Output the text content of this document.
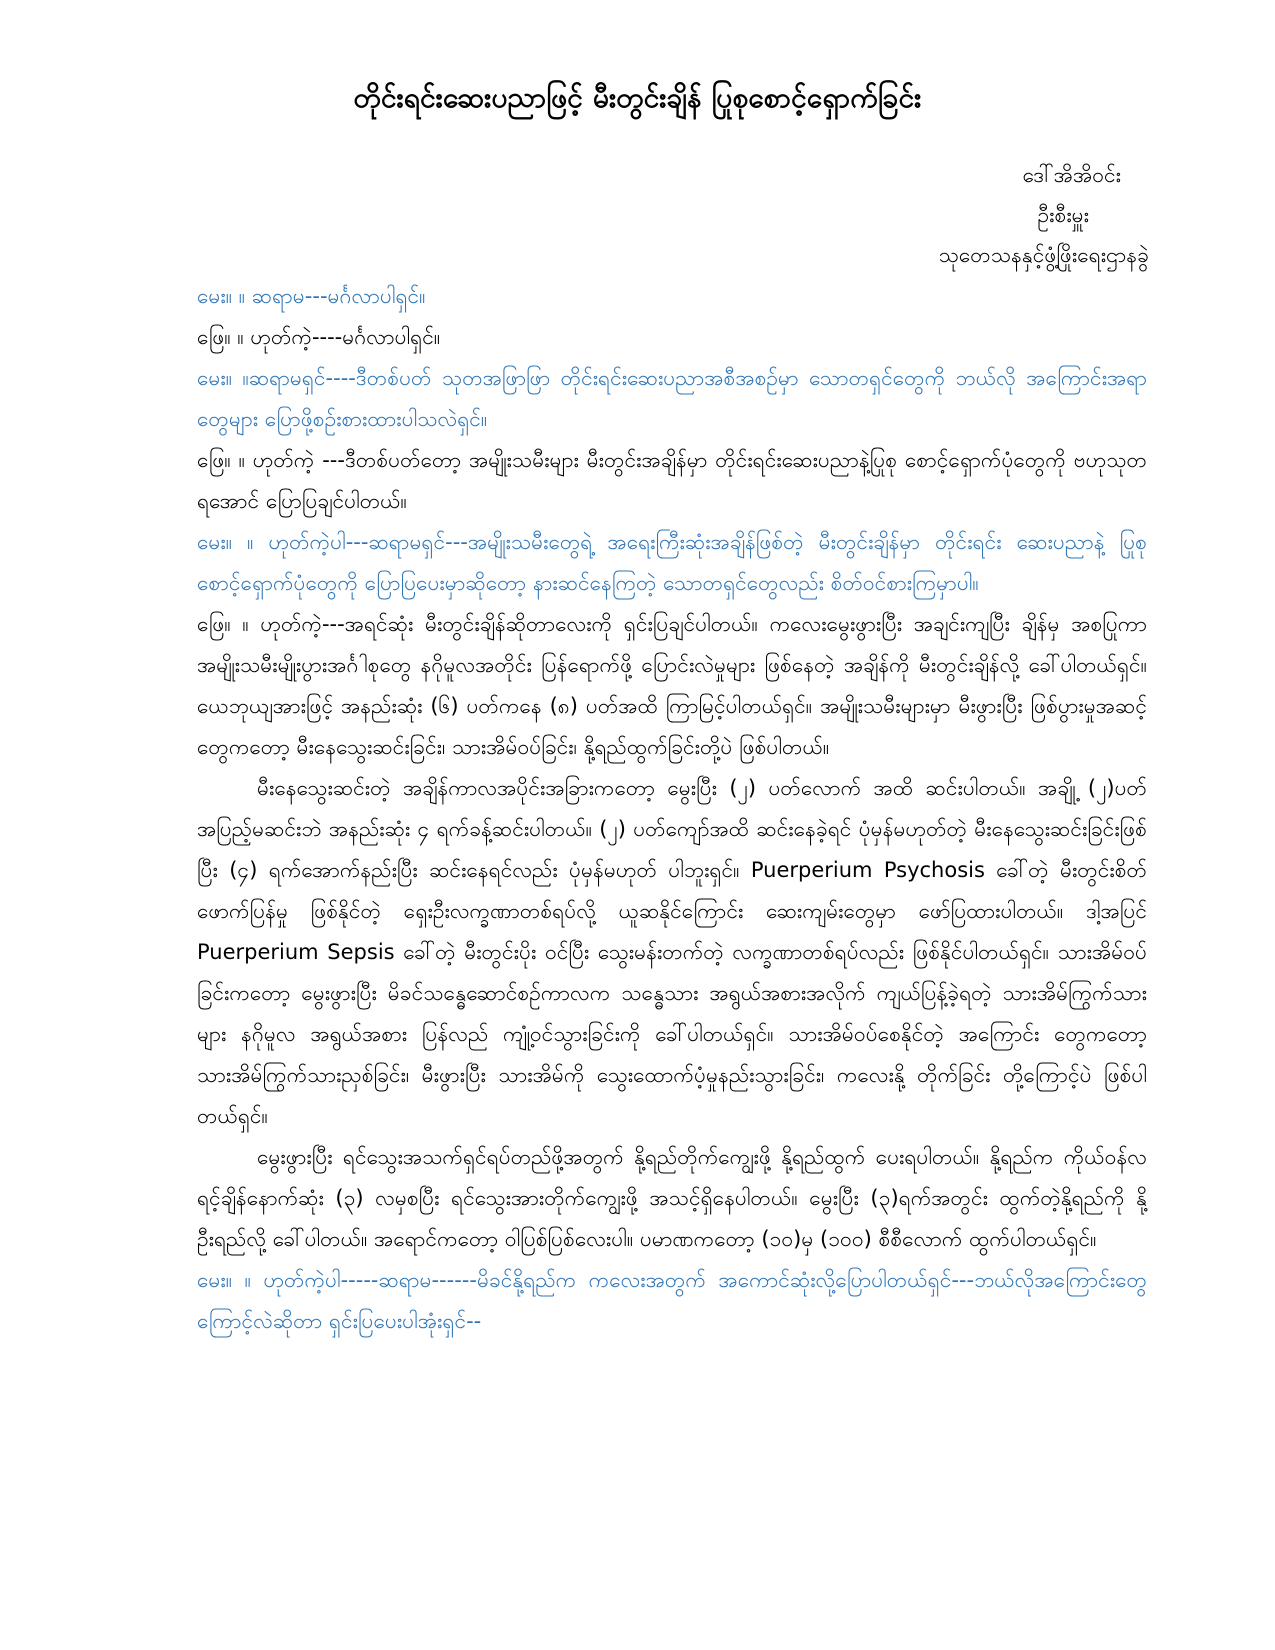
တိုင်းရင်းဆေးပညာဖြင့် မီးတွင်းချိန် ပြုစုစောင့်ရှောက်ခြင်း
ဒေါ်အိအိဝင်း
ဦးစီးမှူး
သုတေသနနှင့်ဖွံ့ဖြိုးရေးဌာနခွဲ

မေး။ ။ ဆရာမ---မင်္ဂလာပါရှင်။

ဖြေ။ ။ ဟုတ်ကဲ့----မင်္ဂလာပါရှင်။

မေး။ ။ဆရာမရှင်----ဒီတစ်ပတ် သုတအဖြာဖြာ တိုင်းရင်းဆေးပညာအစီအစဉ်မှာ သောတရှင်တွေကို ဘယ်လို အကြောင်းအရာတွေများ ပြောဖို့စဉ်းစားထားပါသလဲရှင်။

ဖြေ။ ။ ဟုတ်ကဲ့ ---ဒီတစ်ပတ်တော့ အမျိုးသမီးများ မီးတွင်းအချိန်မှာ တိုင်းရင်းဆေးပညာနဲ့ပြုစု စောင့်ရှောက်ပုံတွေကို ဗဟုသုတရအောင် ပြောပြချင်ပါတယ်။

မေး။ ။ ဟုတ်ကဲ့ပါ---ဆရာမရှင်---အမျိုးသမီးတွေရဲ့ အရေးကြီးဆုံးအချိန်ဖြစ်တဲ့ မီးတွင်းချိန်မှာ တိုင်းရင်း ဆေးပညာနဲ့ ပြုစုစောင့်ရှောက်ပုံတွေကို ပြောပြပေးမှာဆိုတော့ နားဆင်နေကြတဲ့ သောတရှင်တွေလည်း စိတ်ဝင်စားကြမှာပါ။

ဖြေ။ ။ ဟုတ်ကဲ့---အရင်ဆုံး မီးတွင်းချိန်ဆိုတာလေးကို ရှင်းပြချင်ပါတယ်။ ကလေးမွေးဖွားပြီး အချင်းကျပြီး ချိန်မှ အစပြုကာ အမျိုးသမီးမျိုးပွားအင်္ဂါစုတွေ နဂိုမူလအတိုင်း ပြန်ရောက်ဖို့ ပြောင်းလဲမှုများ ဖြစ်နေတဲ့ အချိန်ကို မီးတွင်းချိန်လို့ ခေါ်ပါတယ်ရှင်။ ယေဘုယျအားဖြင့် အနည်းဆုံး (၆) ပတ်ကနေ (၈) ပတ်အထိ ကြာမြင့်ပါတယ်ရှင်။ အမျိုးသမီးများမှာ မီးဖွားပြီး ဖြစ်ပွားမှုအဆင့်တွေကတော့ မီးနေသွေးဆင်းခြင်း၊ သားအိမ်ဝပ်ခြင်း၊ နို့ရည်ထွက်ခြင်းတို့ပဲ ဖြစ်ပါတယ်။

မီးနေသွေးဆင်းတဲ့ အချိန်ကာလအပိုင်းအခြားကတော့ မွေးပြီး (၂) ပတ်လောက် အထိ ဆင်းပါတယ်။ အချို့ (၂)ပတ်အပြည့်မဆင်းဘဲ အနည်းဆုံး ၄ ရက်ခန့်ဆင်းပါတယ်။ (၂) ပတ်ကျော်အထိ ဆင်းနေခဲ့ရင် ပုံမှန်မဟုတ်တဲ့ မီးနေသွေးဆင်းခြင်းဖြစ်ပြီး (၄) ရက်အောက်နည်းပြီး ဆင်းနေရင်လည်း ပုံမှန်မဟုတ် ပါဘူးရှင်။ Puerperium Psychosis ခေါ်တဲ့ မီးတွင်းစိတ်ဖောက်ပြန်မှု ဖြစ်နိုင်တဲ့ ရှေးဦးလက္ခဏာတစ်ရပ်လို့ ယူဆနိုင်ကြောင်း ဆေးကျမ်းတွေမှာ ဖော်ပြထားပါတယ်။ ဒါ့အပြင် Puerperium Sepsis ခေါ်တဲ့ မီးတွင်းပိုး ဝင်ပြီး သွေးမန်းတက်တဲ့ လက္ခဏာတစ်ရပ်လည်း ဖြစ်နိုင်ပါတယ်ရှင်။ သားအိမ်ဝပ်ခြင်းကတော့ မွေးဖွားပြီး မိခင်သန္ဓေဆောင်စဉ်ကာလက သန္ဓေသား အရွယ်အစားအလိုက် ကျယ်ပြန့်ခဲ့ရတဲ့ သားအိမ်ကြွက်သားများ နဂိုမူလ အရွယ်အစား ပြန်လည် ကျုံ့ဝင်သွားခြင်းကို ခေါ်ပါတယ်ရှင်။ သားအိမ်ဝပ်စေနိုင်တဲ့ အကြောင်း တွေကတော့ သားအိမ်ကြွက်သားညှစ်ခြင်း၊ မီးဖွားပြီး သားအိမ်ကို သွေးထောက်ပံ့မှုနည်းသွားခြင်း၊ ကလေးနို့ တိုက်ခြင်း တို့ကြောင့်ပဲ ဖြစ်ပါတယ်ရှင်။

မွေးဖွားပြီး ရင်သွေးအသက်ရှင်ရပ်တည်ဖို့အတွက် နို့ရည်တိုက်ကျွေးဖို့ နို့ရည်ထွက် ပေးရပါတယ်။ နို့ရည်က ကိုယ်ဝန်လရင့်ချိန်နောက်ဆုံး (၃) လမှစပြီး ရင်သွေးအားတိုက်ကျွေးဖို့ အသင့်ရှိနေပါတယ်။ မွေးပြီး (၃)ရက်အတွင်း ထွက်တဲ့နို့ရည်ကို နို့ဦးရည်လို့ ခေါ်ပါတယ်။ အရောင်ကတော့ ဝါပြစ်ပြစ်လေးပါ။ ပမာဏကတော့ (၁၀)မှ (၁၀၀) စီစီလောက် ထွက်ပါတယ်ရှင်။

မေး။ ။ ဟုတ်ကဲ့ပါ-----ဆရာမ------မိခင်နို့ရည်က ကလေးအတွက် အကောင်ဆုံးလို့ပြောပါတယ်ရှင်---ဘယ်လိုအကြောင်းတွေကြောင့်လဲဆိုတာ ရှင်းပြပေးပါအုံးရှင်--
